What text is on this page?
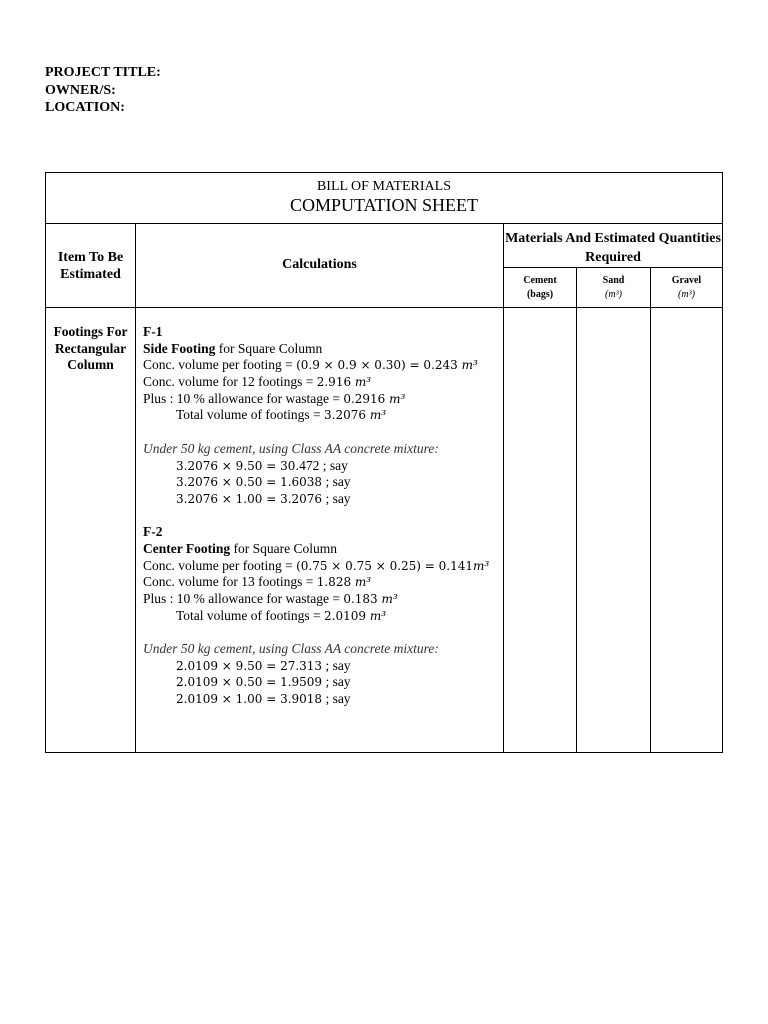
PROJECT TITLE:
OWNER/S:
LOCATION:
BILL OF MATERIALS
COMPUTATION SHEET
Item To Be Estimated
Calculations
Materials And Estimated Quantities Required
Cement
(bags)
Sand
(m³)
Gravel
(m³)
Footings For Rectangular Column
F-1
Side Footing for Square Column
Conc. volume per footing = (0.9 × 0.9 × 0.30) = 0.243 m³
Conc. volume for 12 footings = 2.916 m³
Plus : 10 % allowance for wastage = 0.2916 m³
Total volume of footings = 3.2076 m³
Under 50 kg cement, using Class AA concrete mixture:
3.2076 × 9.50 = 30.472 ; say
3.2076 × 0.50 = 1.6038 ; say
3.2076 × 1.00 = 3.2076 ; say
F-2
Center Footing for Square Column
Conc. volume per footing = (0.75 × 0.75 × 0.25) = 0.141m³
Conc. volume for 13 footings = 1.828 m³
Plus : 10 % allowance for wastage = 0.183 m³
Total volume of footings = 2.0109 m³
Under 50 kg cement, using Class AA concrete mixture:
2.0109 × 9.50 = 27.313 ; say
2.0109 × 0.50 = 1.9509 ; say
2.0109 × 1.00 = 3.9018 ; say
